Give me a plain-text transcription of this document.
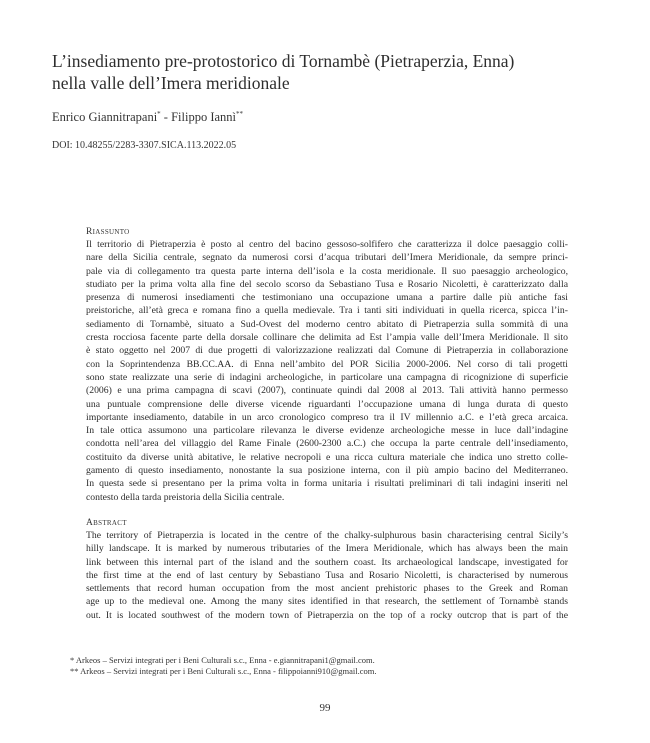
L’insediamento pre-protostorico di Tornambè (Pietraperzia, Enna)
nella valle dell’Imera meridionale
Enrico Giannitrapani* - Filippo Iannì**
DOI: 10.48255/2283-3307.SICA.113.2022.05
Riassunto
Il territorio di Pietraperzia è posto al centro del bacino gessoso-solfifero che caratterizza il dolce paesaggio colli-
nare della Sicilia centrale, segnato da numerosi corsi d’acqua tributari dell’Imera Meridionale, da sempre princi-
pale via di collegamento tra questa parte interna dell’isola e la costa meridionale. Il suo paesaggio archeologico,
studiato per la prima volta alla fine del secolo scorso da Sebastiano Tusa e Rosario Nicoletti, è caratterizzato dalla
presenza di numerosi insediamenti che testimoniano una occupazione umana a partire dalle più antiche fasi
preistoriche, all’età greca e romana fino a quella medievale. Tra i tanti siti individuati in quella ricerca, spicca l’in-
sediamento di Tornambè, situato a Sud-Ovest del moderno centro abitato di Pietraperzia sulla sommità di una
cresta rocciosa facente parte della dorsale collinare che delimita ad Est l’ampia valle dell’Imera Meridionale. Il sito
è stato oggetto nel 2007 di due progetti di valorizzazione realizzati dal Comune di Pietraperzia in collaborazione
con la Soprintendenza BB.CC.AA. di Enna nell’ambito del POR Sicilia 2000-2006. Nel corso di tali progetti
sono state realizzate una serie di indagini archeologiche, in particolare una campagna di ricognizione di superficie
(2006) e una prima campagna di scavi (2007), continuate quindi dal 2008 al 2013. Tali attività hanno permesso
una puntuale comprensione delle diverse vicende riguardanti l’occupazione umana di lunga durata di questo
importante insediamento, databile in un arco cronologico compreso tra il IV millennio a.C. e l’età greca arcaica.
In tale ottica assumono una particolare rilevanza le diverse evidenze archeologiche messe in luce dall’indagine
condotta nell’area del villaggio del Rame Finale (2600-2300 a.C.) che occupa la parte centrale dell’insediamento,
costituito da diverse unità abitative, le relative necropoli e una ricca cultura materiale che indica uno stretto colle-
gamento di questo insediamento, nonostante la sua posizione interna, con il più ampio bacino del Mediterraneo.
In questa sede si presentano per la prima volta in forma unitaria i risultati preliminari di tali indagini inseriti nel
contesto della tarda preistoria della Sicilia centrale.
Abstract
The territory of Pietraperzia is located in the centre of the chalky-sulphurous basin characterising central Sicily’s
hilly landscape. It is marked by numerous tributaries of the Imera Meridionale, which has always been the main
link between this internal part of the island and the southern coast. Its archaeological landscape, investigated for
the first time at the end of last century by Sebastiano Tusa and Rosario Nicoletti, is characterised by numerous
settlements that record human occupation from the most ancient prehistoric phases to the Greek and Roman
age up to the medieval one. Among the many sites identified in that research, the settlement of Tornambè stands
out. It is located southwest of the modern town of Pietraperzia on the top of a rocky outcrop that is part of the
* Arkeos – Servizi integrati per i Beni Culturali s.c., Enna - e.giannitrapani1@gmail.com.
** Arkeos – Servizi integrati per i Beni Culturali s.c., Enna - filippoianni910@gmail.com.
99
